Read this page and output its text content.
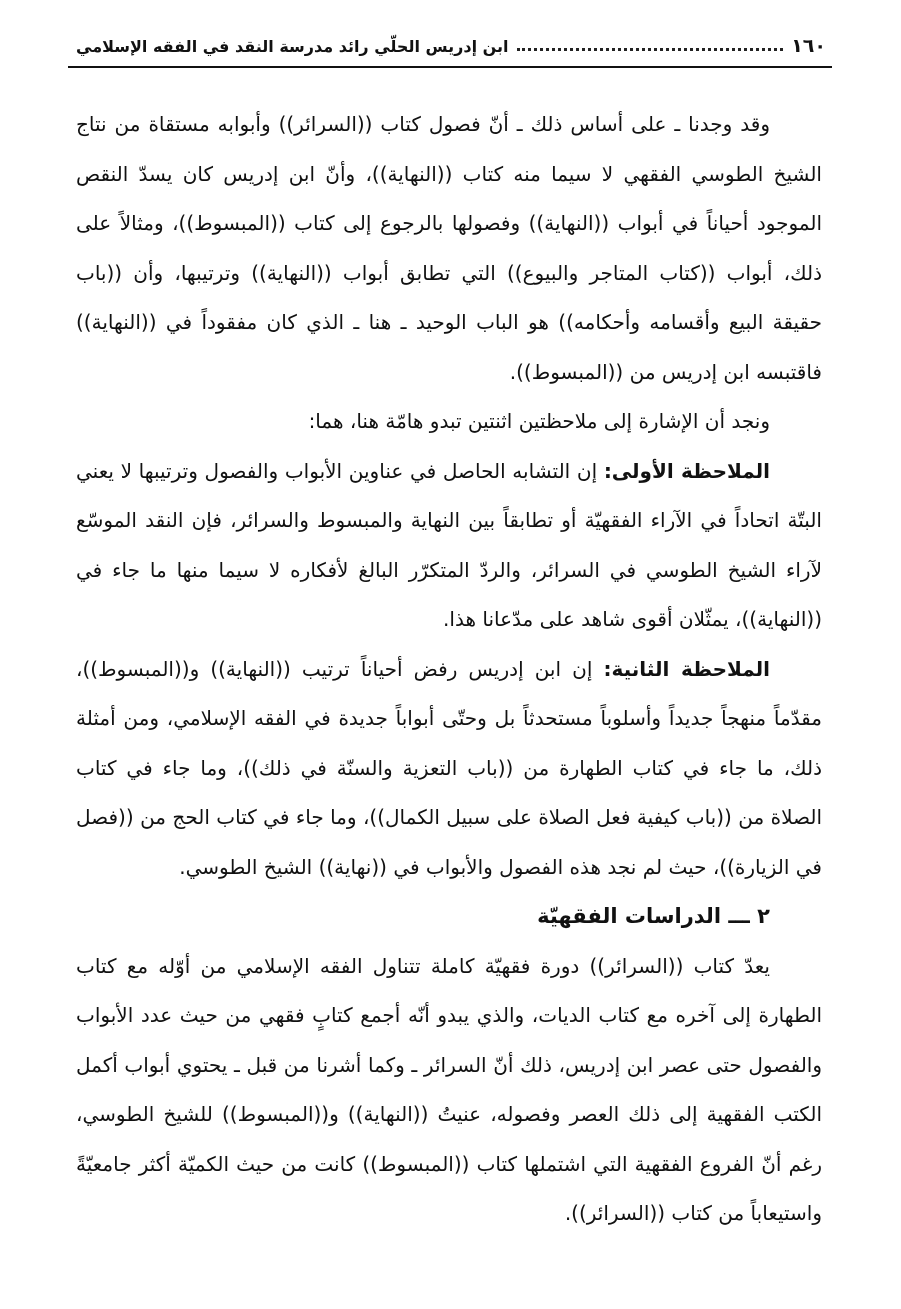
١٦٠
ابن إدريس الحلّي رائد مدرسة النقد في الفقه الإسلامي

وقد وجدنا ـ على أساس ذلك ـ أنّ فصول كتاب ((السرائر)) وأبوابه مستقاة من نتاج الشيخ الطوسي الفقهي لا سيما منه كتاب ((النهاية))، وأنّ ابن إدريس كان يسدّ النقص الموجود أحياناً في أبواب ((النهاية)) وفصولها بالرجوع إلى كتاب ((المبسوط))، ومثالاً على ذلك، أبواب ((كتاب المتاجر والبيوع)) التي تطابق أبواب ((النهاية)) وترتيبها، وأن ((باب حقيقة البيع وأقسامه وأحكامه)) هو الباب الوحيد ـ هنا ـ الذي كان مفقوداً في ((النهاية)) فاقتبسه ابن إدريس من ((المبسوط)).

ونجد أن الإشارة إلى ملاحظتين اثنتين تبدو هامّة هنا، هما:

الملاحظة الأولى: إن التشابه الحاصل في عناوين الأبواب والفصول وترتيبها لا يعني البتّة اتحاداً في الآراء الفقهيّة أو تطابقاً بين النهاية والمبسوط والسرائر، فإن النقد الموسّع لآراء الشيخ الطوسي في السرائر، والردّ المتكرّر البالغ لأفكاره لا سيما منها ما جاء في ((النهاية))، يمثّلان أقوى شاهد على مدّعانا هذا.

الملاحظة الثانية: إن ابن إدريس رفض أحياناً ترتيب ((النهاية)) و((المبسوط))، مقدّماً منهجاً جديداً وأسلوباً مستحدثاً بل وحتّى أبواباً جديدة في الفقه الإسلامي، ومن أمثلة ذلك، ما جاء في كتاب الطهارة من ((باب التعزية والسنّة في ذلك))، وما جاء في كتاب الصلاة من ((باب كيفية فعل الصلاة على سبيل الكمال))، وما جاء في كتاب الحج من ((فصل في الزيارة))، حيث لم نجد هذه الفصول والأبواب في ((نهاية)) الشيخ الطوسي.

٢ ـــ الدراسات الفقهيّة

يعدّ كتاب ((السرائر)) دورة فقهيّة كاملة تتناول الفقه الإسلامي من أوّله مع كتاب الطهارة إلى آخره مع كتاب الديات، والذي يبدو أنّه أجمع كتابٍ فقهي من حيث عدد الأبواب والفصول حتى عصر ابن إدريس، ذلك أنّ السرائر ـ وكما أشرنا من قبل ـ يحتوي أبواب أكمل الكتب الفقهية إلى ذلك العصر وفصوله، عنيتُ ((النهاية)) و((المبسوط)) للشيخ الطوسي، رغم أنّ الفروع الفقهية التي اشتملها كتاب ((المبسوط)) كانت من حيث الكميّة أكثر جامعيّةً واستيعاباً من كتاب ((السرائر)).
